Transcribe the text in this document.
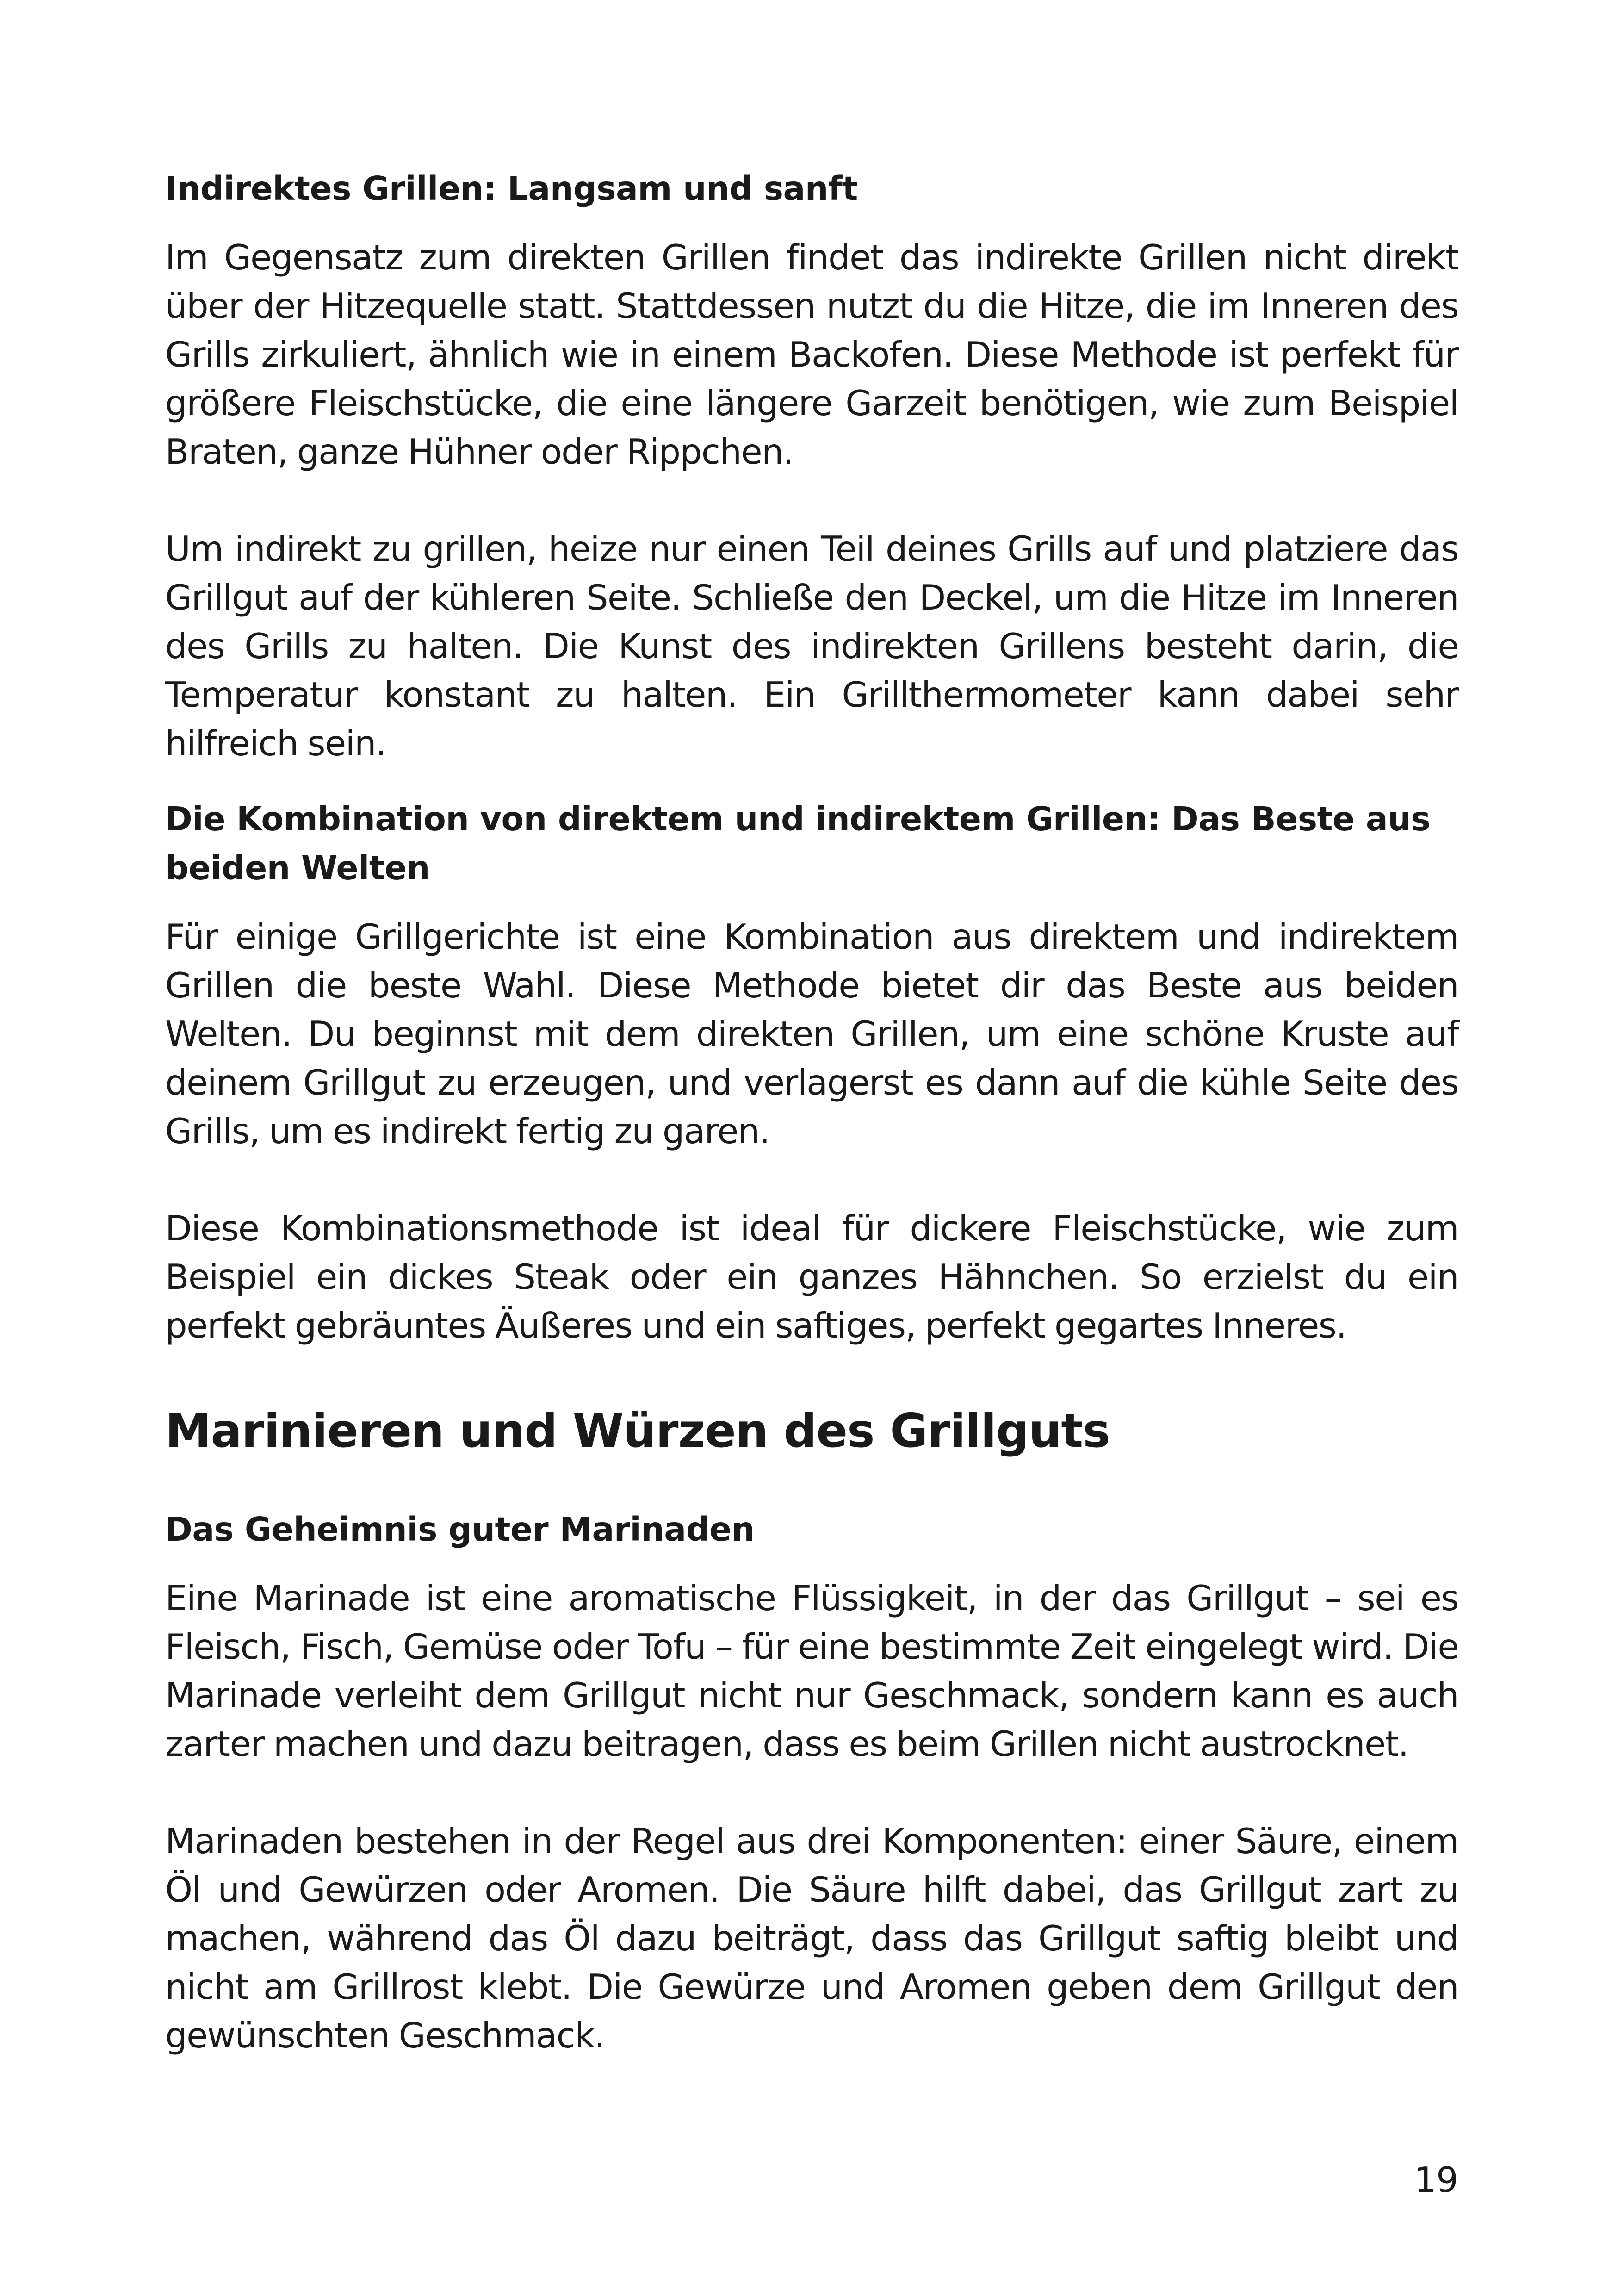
Indirektes Grillen: Langsam und sanft

Im Gegensatz zum direkten Grillen findet das indirekte Grillen nicht direkt über der Hitzequelle statt. Stattdessen nutzt du die Hitze, die im Inneren des Grills zirkuliert, ähnlich wie in einem Backofen. Diese Methode ist perfekt für größere Fleischstücke, die eine längere Garzeit benötigen, wie zum Beispiel Braten, ganze Hühner oder Rippchen.

Um indirekt zu grillen, heize nur einen Teil deines Grills auf und platziere das Grillgut auf der kühleren Seite. Schließe den Deckel, um die Hitze im Inneren des Grills zu halten. Die Kunst des indirekten Grillens besteht darin, die Temperatur konstant zu halten. Ein Grillthermometer kann dabei sehr hilfreich sein.

Die Kombination von direktem und indirektem Grillen: Das Beste aus beiden Welten

Für einige Grillgerichte ist eine Kombination aus direktem und indirektem Grillen die beste Wahl. Diese Methode bietet dir das Beste aus beiden Welten. Du beginnst mit dem direkten Grillen, um eine schöne Kruste auf deinem Grillgut zu erzeugen, und verlagerst es dann auf die kühle Seite des Grills, um es indirekt fertig zu garen.

Diese Kombinationsmethode ist ideal für dickere Fleischstücke, wie zum Beispiel ein dickes Steak oder ein ganzes Hähnchen. So erzielst du ein perfekt gebräuntes Äußeres und ein saftiges, perfekt gegartes Inneres.

Marinieren und Würzen des Grillguts
Das Geheimnis guter Marinaden

Eine Marinade ist eine aromatische Flüssigkeit, in der das Grillgut – sei es Fleisch, Fisch, Gemüse oder Tofu – für eine bestimmte Zeit eingelegt wird. Die Marinade verleiht dem Grillgut nicht nur Geschmack, sondern kann es auch zarter machen und dazu beitragen, dass es beim Grillen nicht austrocknet.

Marinaden bestehen in der Regel aus drei Komponenten: einer Säure, einem Öl und Gewürzen oder Aromen. Die Säure hilft dabei, das Grillgut zart zu machen, während das Öl dazu beiträgt, dass das Grillgut saftig bleibt und nicht am Grillrost klebt. Die Gewürze und Aromen geben dem Grillgut den gewünschten Geschmack.

19
